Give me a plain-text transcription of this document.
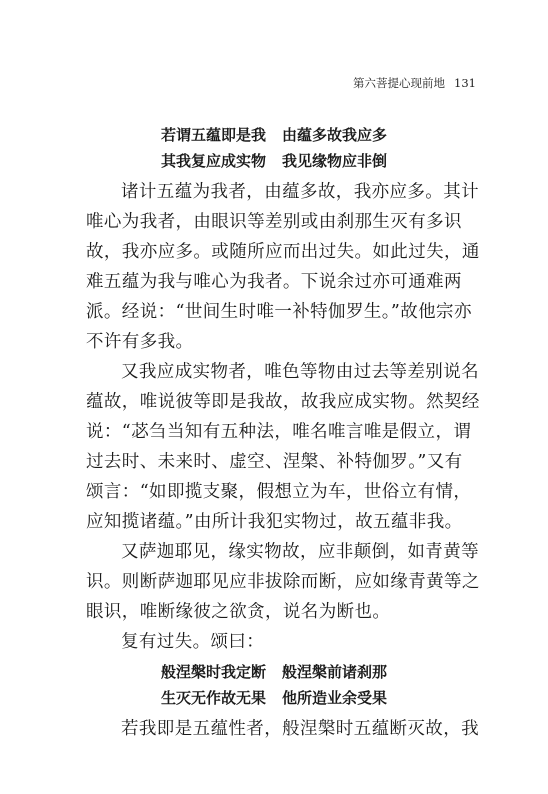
第六菩提心现前地 131
若谓五蕴即是我 由蕴多故我应多
其我复应成实物 我见缘物应非倒
诸计五蕴为我者，由蕴多故，我亦应多。其计
唯心为我者，由眼识等差别或由刹那生灭有多识
故，我亦应多。或随所应而出过失。如此过失，通
难五蕴为我与唯心为我者。下说余过亦可通难两
派。经说：“世间生时唯一补特伽罗生。”故他宗亦
不许有多我。
又我应成实物者，唯色等物由过去等差别说名
蕴故，唯说彼等即是我故，故我应成实物。然契经
说：“苾刍当知有五种法，唯名唯言唯是假立，谓
过去时、未来时、虚空、涅槃、补特伽罗。”又有
颂言：“如即揽支聚，假想立为车，世俗立有情，
应知揽诸蕴。”由所计我犯实物过，故五蕴非我。
又萨迦耶见，缘实物故，应非颠倒，如青黄等
识。则断萨迦耶见应非拔除而断，应如缘青黄等之
眼识，唯断缘彼之欲贪，说名为断也。
复有过失。颂曰：
般涅槃时我定断 般涅槃前诸刹那
生灭无作故无果 他所造业余受果
若我即是五蕴性者，般涅槃时五蕴断灭故，我
